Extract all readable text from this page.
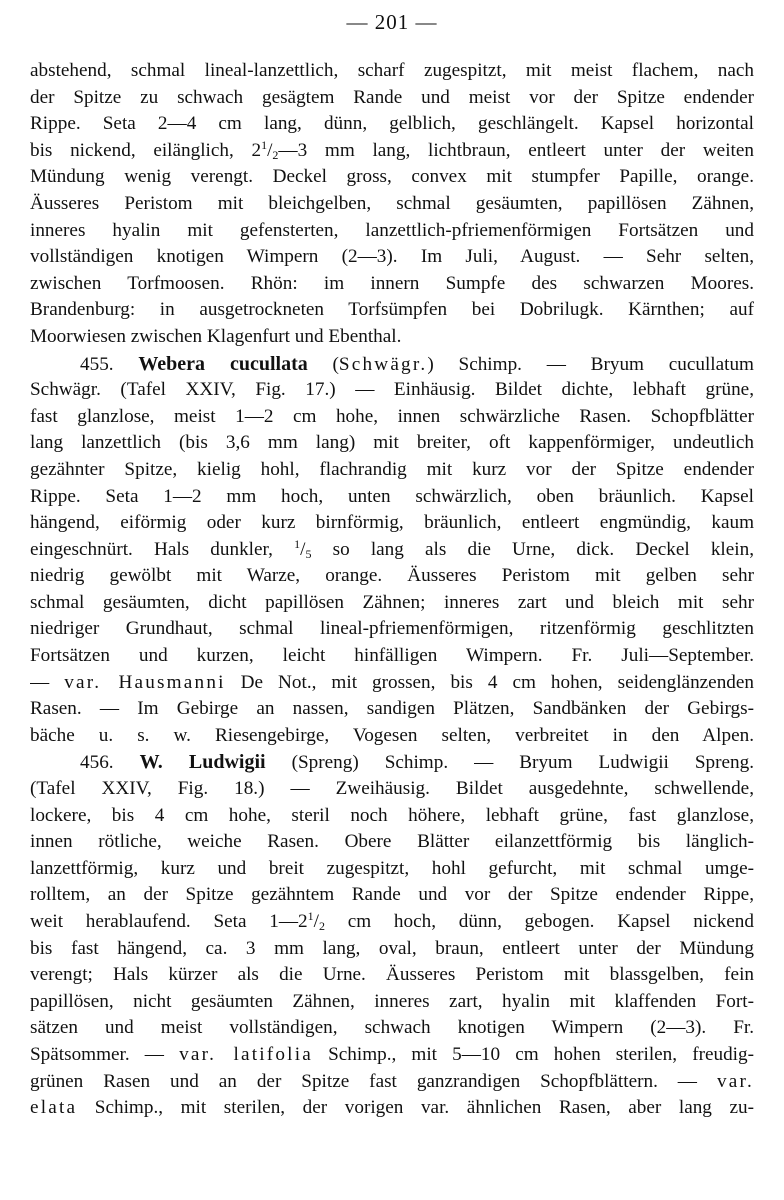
— 201 —
abstehend, schmal lineal-lanzettlich, scharf zugespitzt, mit meist flachem, nach
der Spitze zu schwach gesägtem Rande und meist vor der Spitze endender
Rippe. Seta 2—4 cm lang, dünn, gelblich, geschlängelt. Kapsel horizontal
bis nickend, eilänglich, $2^1/_2—3$ mm lang, lichtbraun, entleert unter der weiten
Mündung wenig verengt. Deckel gross, convex mit stumpfer Papille, orange.
Äusseres Peristom mit bleichgelben, schmal gesäumten, papillösen Zähnen,
inneres hyalin mit gefensterten, lanzettlich-pfriemenförmigen Fortsätzen und
vollständigen knotigen Wimpern (2—3). Im Juli, August. — Sehr selten,
zwischen Torfmoosen. Rhön: im innern Sumpfe des schwarzen Moores.
Brandenburg: in ausgetrockneten Torfsümpfen bei Dobrilugk. Kärnthen; auf
Moorwiesen zwischen Klagenfurt und Ebenthal.
455. Webera cucullata (Schwägr.) Schimp. — Bryum cucullatum
Schwägr. (Tafel XXIV, Fig. 17.) — Einhäusig. Bildet dichte, lebhaft grüne,
fast glanzlose, meist 1—2 cm hohe, innen schwärzliche Rasen. Schopfblätter
lang lanzettlich (bis 3,6 mm lang) mit breiter, oft kappenförmiger, undeutlich
gezähnter Spitze, kielig hohl, flachrandig mit kurz vor der Spitze endender
Rippe. Seta 1—2 mm hoch, unten schwärzlich, oben bräunlich. Kapsel
hängend, eiförmig oder kurz birnförmig, bräunlich, entleert engmündig, kaum
eingeschnürt. Hals dunkler, $^1/_5$ so lang als die Urne, dick. Deckel klein,
niedrig gewölbt mit Warze, orange. Äusseres Peristom mit gelben sehr
schmal gesäumten, dicht papillösen Zähnen; inneres zart und bleich mit sehr
niedriger Grundhaut, schmal lineal-pfriemenförmigen, ritzenförmig geschlitzten
Fortsätzen und kurzen, leicht hinfälligen Wimpern. Fr. Juli—September.
— var. Hausmanni De Not., mit grossen, bis 4 cm hohen, seidenglänzenden
Rasen. — Im Gebirge an nassen, sandigen Plätzen, Sandbänken der Gebirgs-
bäche u. s. w. Riesengebirge, Vogesen selten, verbreitet in den Alpen.
456. W. Ludwigii (Spreng) Schimp. — Bryum Ludwigii Spreng.
(Tafel XXIV, Fig. 18.) — Zweihäusig. Bildet ausgedehnte, schwellende,
lockere, bis 4 cm hohe, steril noch höhere, lebhaft grüne, fast glanzlose,
innen rötliche, weiche Rasen. Obere Blätter eilanzettförmig bis länglich-
lanzettförmig, kurz und breit zugespitzt, hohl gefurcht, mit schmal umge-
rolltem, an der Spitze gezähntem Rande und vor der Spitze endender Rippe,
weit herablaufend. Seta $1—2^1/_2$ cm hoch, dünn, gebogen. Kapsel nickend
bis fast hängend, ca. 3 mm lang, oval, braun, entleert unter der Mündung
verengt; Hals kürzer als die Urne. Äusseres Peristom mit blassgelben, fein
papillösen, nicht gesäumten Zähnen, inneres zart, hyalin mit klaffenden Fort-
sätzen und meist vollständigen, schwach knotigen Wimpern (2—3). Fr.
Spätsommer. — var. latifolia Schimp., mit 5—10 cm hohen sterilen, freudig-
grünen Rasen und an der Spitze fast ganzrandigen Schopfblättern. — var.
elata Schimp., mit sterilen, der vorigen var. ähnlichen Rasen, aber lang zu-
